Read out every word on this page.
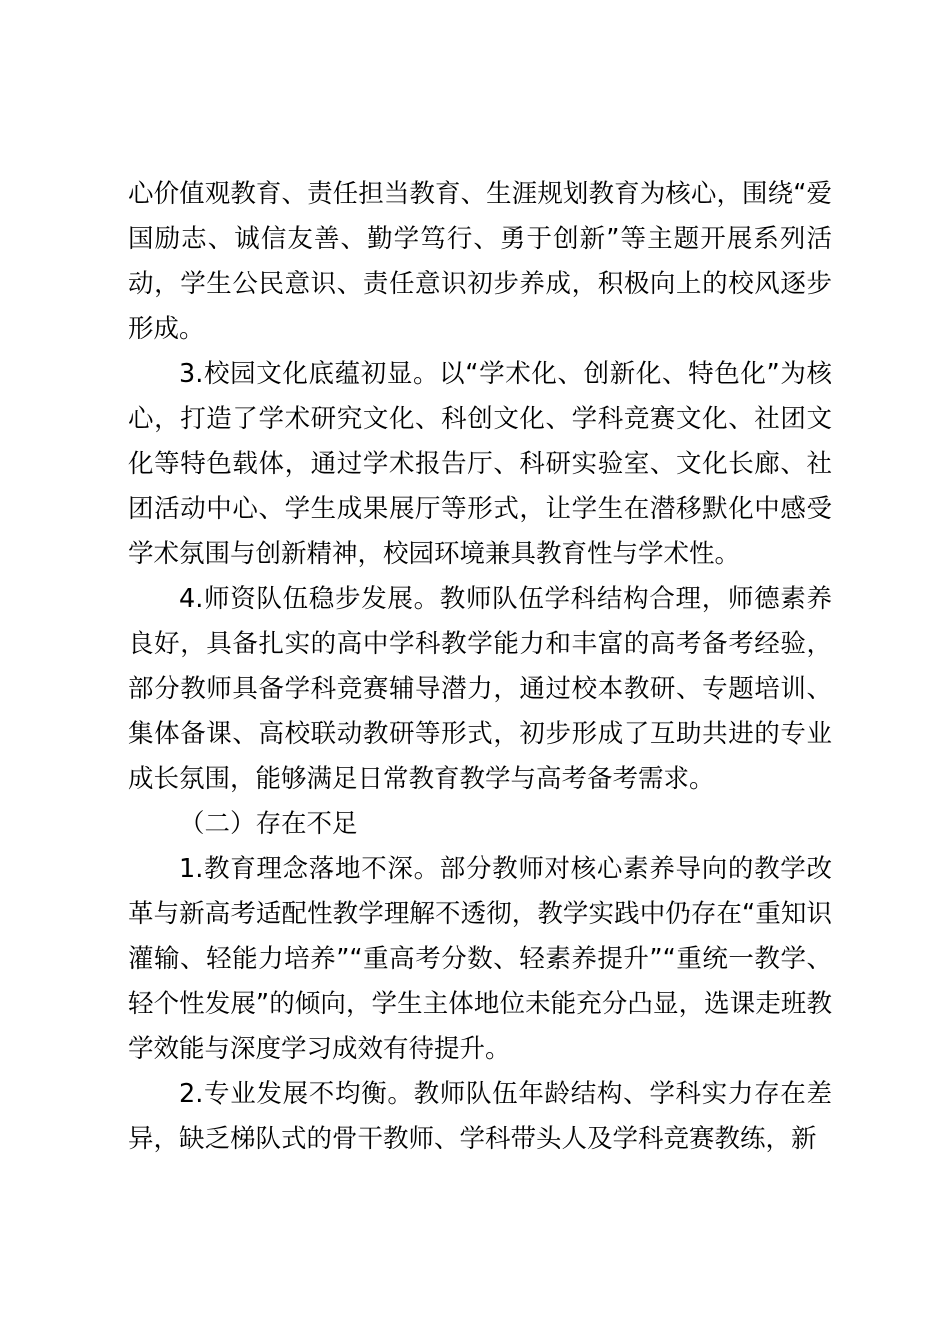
心价值观教育、责任担当教育、生涯规划教育为核心，围绕“爱国励志、诚信友善、勤学笃行、勇于创新”等主题开展系列活动，学生公民意识、责任意识初步养成，积极向上的校风逐步形成。

3.校园文化底蕴初显。以“学术化、创新化、特色化”为核心，打造了学术研究文化、科创文化、学科竞赛文化、社团文化等特色载体，通过学术报告厅、科研实验室、文化长廊、社团活动中心、学生成果展厅等形式，让学生在潜移默化中感受学术氛围与创新精神，校园环境兼具教育性与学术性。

4.师资队伍稳步发展。教师队伍学科结构合理，师德素养良好，具备扎实的高中学科教学能力和丰富的高考备考经验，部分教师具备学科竞赛辅导潜力，通过校本教研、专题培训、集体备课、高校联动教研等形式，初步形成了互助共进的专业成长氛围，能够满足日常教育教学与高考备考需求。

（二）存在不足

1.教育理念落地不深。部分教师对核心素养导向的教学改革与新高考适配性教学理解不透彻，教学实践中仍存在“重知识灌输、轻能力培养”“重高考分数、轻素养提升”“重统一教学、轻个性发展”的倾向，学生主体地位未能充分凸显，选课走班教学效能与深度学习成效有待提升。

2.专业发展不均衡。教师队伍年龄结构、学科实力存在差异，缺乏梯队式的骨干教师、学科带头人及学科竞赛教练，新
